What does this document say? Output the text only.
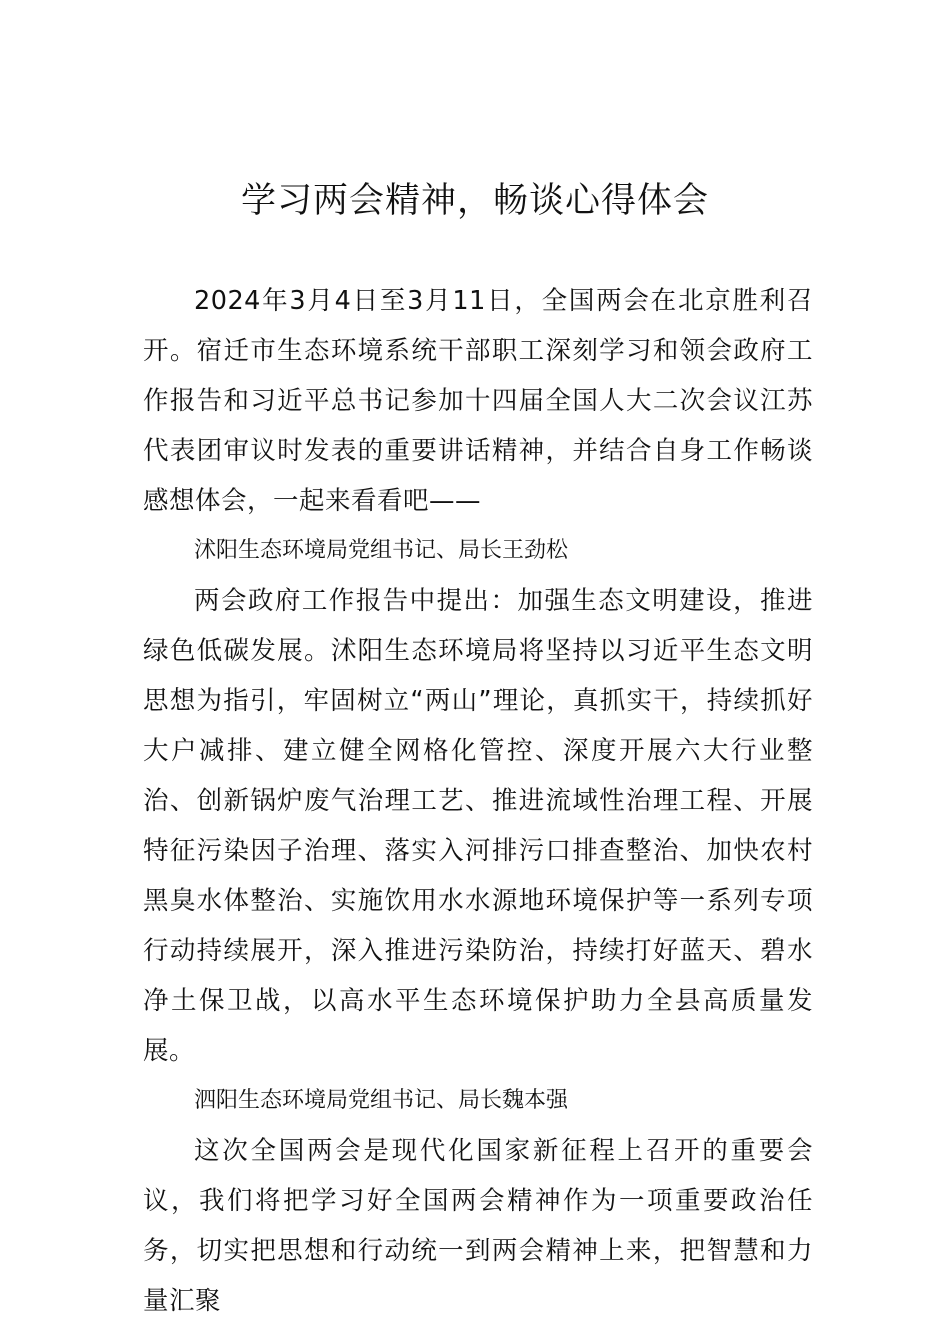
学习两会精神，畅谈心得体会

2024年3月4日至3月11日，全国两会在北京胜利召开。宿迁市生态环境系统干部职工深刻学习和领会政府工作报告和习近平总书记参加十四届全国人大二次会议江苏代表团审议时发表的重要讲话精神，并结合自身工作畅谈感想体会，一起来看看吧——

沭阳生态环境局党组书记、局长王劲松

两会政府工作报告中提出：加强生态文明建设，推进绿色低碳发展。沭阳生态环境局将坚持以习近平生态文明思想为指引，牢固树立“两山”理论，真抓实干，持续抓好大户减排、建立健全网格化管控、深度开展六大行业整治、创新锅炉废气治理工艺、推进流域性治理工程、开展特征污染因子治理、落实入河排污口排查整治、加快农村黑臭水体整治、实施饮用水水源地环境保护等一系列专项行动持续展开，深入推进污染防治，持续打好蓝天、碧水净土保卫战，以高水平生态环境保护助力全县高质量发展。

泗阳生态环境局党组书记、局长魏本强

这次全国两会是现代化国家新征程上召开的重要会议，我们将把学习好全国两会精神作为一项重要政治任务，切实把思想和行动统一到两会精神上来，把智慧和力量汇聚
